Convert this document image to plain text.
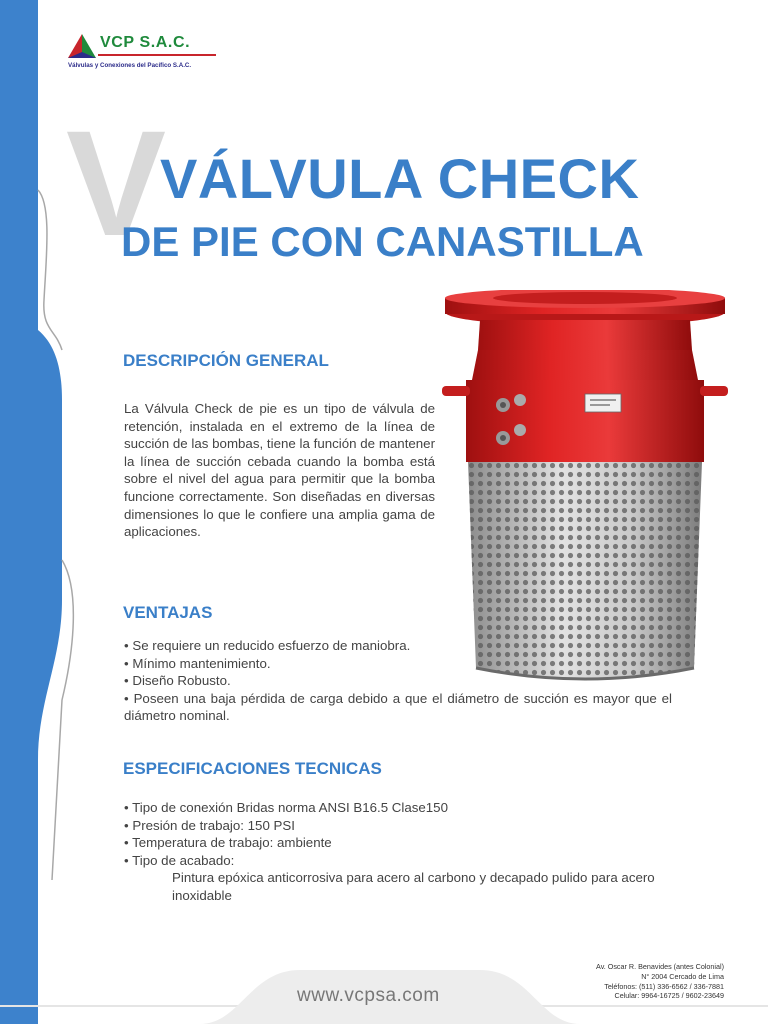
VCP S.A.C.
Válvulas y Conexiones del Pacífico S.A.C.
V
VÁLVULA CHECK
DE PIE CON CANASTILLA
DESCRIPCIÓN GENERAL

La Válvula Check de pie es un tipo de válvula de retención, instalada en el extremo de la línea de succión de las bombas, tiene la función de mantener la línea de succión cebada cuando la bomba está sobre el nivel del agua para permitir que la bomba funcione correctamente. Son diseñadas en diversas dimensiones lo que le confiere una amplia gama de aplicaciones.

VENTAJAS
• Se requiere un reducido esfuerzo de maniobra.
• Mínimo mantenimiento.
• Diseño Robusto.
• Poseen una baja pérdida de carga debido a que el diámetro de succión es mayor que el diámetro nominal.
ESPECIFICACIONES TECNICAS
• Tipo de conexión Bridas norma ANSI B16.5 Clase150
• Presión de trabajo: 150 PSI
• Temperatura de trabajo: ambiente
• Tipo de acabado:
Pintura epóxica anticorrosiva para acero al carbono y decapado pulido para acero inoxidable
www.vcpsa.com
Av. Oscar R. Benavides (antes Colonial)
N° 2004 Cercado de Lima
Teléfonos: (511) 336-6562 / 336-7881
Celular: 9964-16725 / 9602-23649
